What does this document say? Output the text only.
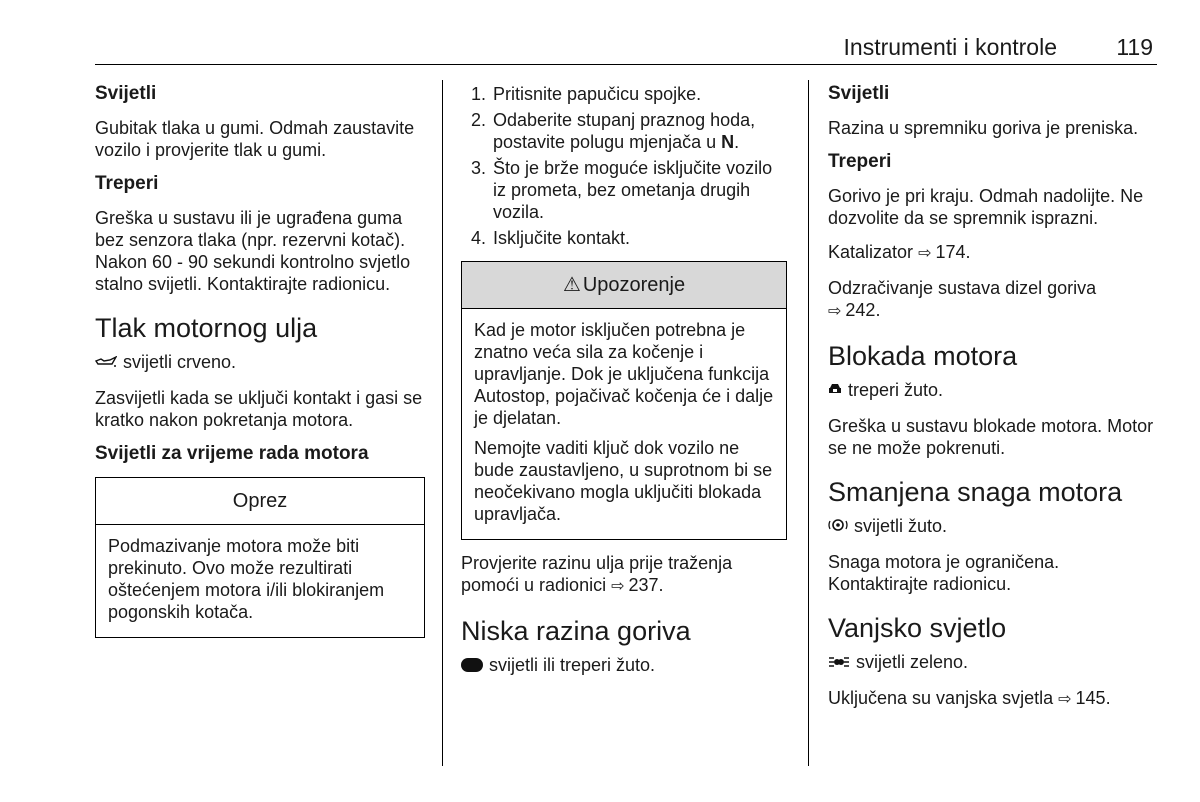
Instrumenti i kontrole	119
Svijetli
Gubitak tlaka u gumi. Odmah zaustavite vozilo i provjerite tlak u gumi.
Treperi
Greška u sustavu ili je ugrađena guma bez senzora tlaka (npr. rezervni kotač). Nakon 60 - 90 sekundi kontrolno svjetlo stalno svijetli. Kontaktirajte radionicu.
Tlak motornog ulja
svijetli crveno.
Zasvijetli kada se uključi kontakt i gasi se kratko nakon pokretanja motora.
Svijetli za vrijeme rada motora
Oprez
Podmazivanje motora može biti prekinuto. Ovo može rezultirati oštećenjem motora i/ili blokiranjem pogonskih kotača.
1. Pritisnite papučicu spojke.
2. Odaberite stupanj praznog hoda, postavite polugu mjenjača u N.
3. Što je brže moguće isključite vozilo iz prometa, bez ometanja drugih vozila.
4. Isključite kontakt.
⚠ Upozorenje
Kad je motor isključen potrebna je znatno veća sila za kočenje i upravljanje. Dok je uključena funkcija Autostop, pojačivač kočenja će i dalje je djelatan.
Nemojte vaditi ključ dok vozilo ne bude zaustavljeno, u suprotnom bi se neočekivano mogla uključiti blokada upravljača.
Provjerite razinu ulja prije traženja pomoći u radionici ⇨ 237.
Niska razina goriva
svijetli ili treperi žuto.
Svijetli
Razina u spremniku goriva je preniska.
Treperi
Gorivo je pri kraju. Odmah nadolijte. Ne dozvolite da se spremnik isprazni.
Katalizator ⇨ 174.
Odzračivanje sustava dizel goriva
⇨ 242.
Blokada motora
treperi žuto.
Greška u sustavu blokade motora. Motor se ne može pokrenuti.
Smanjena snaga motora
svijetli žuto.
Snaga motora je ograničena. Kontaktirajte radionicu.
Vanjsko svjetlo
svijetli zeleno.
Uključena su vanjska svjetla ⇨ 145.
